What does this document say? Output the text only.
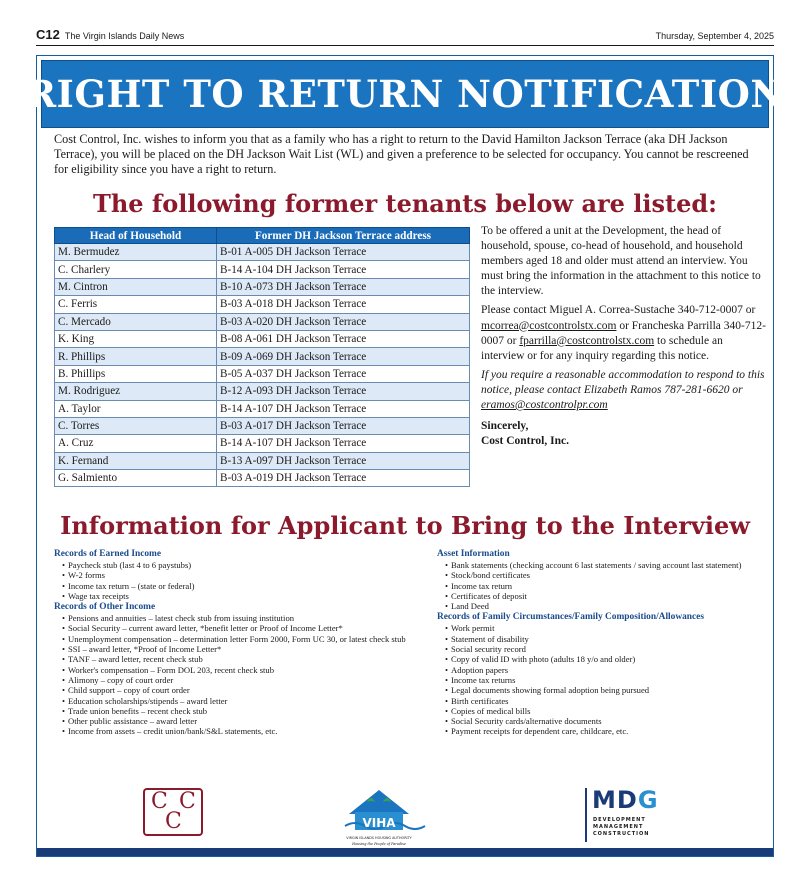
C12 The Virgin Islands Daily News	Thursday, September 4, 2025
RIGHT TO RETURN NOTIFICATION

Cost Control, Inc. wishes to inform you that as a family who has a right to return to the David Hamilton Jackson Terrace (aka DH Jackson Terrace), you will be placed on the DH Jackson Wait List (WL) and given a preference to be selected for occupancy. You cannot be rescreened for eligibility since you have a right to return.

The following former tenants below are listed:
Head of Household	Former DH Jackson Terrace address
M. Bermudez	B-01 A-005 DH Jackson Terrace
C. Charlery	B-14 A-104 DH Jackson Terrace
M. Cintron	B-10 A-073 DH Jackson Terrace
C. Ferris	B-03 A-018 DH Jackson Terrace
C. Mercado	B-03 A-020 DH Jackson Terrace
K. King	B-08 A-061 DH Jackson Terrace
R. Phillips	B-09 A-069 DH Jackson Terrace
B. Phillips	B-05 A-037 DH Jackson Terrace
M. Rodriguez	B-12 A-093 DH Jackson Terrace
A. Taylor	B-14 A-107 DH Jackson Terrace
C. Torres	B-03 A-017 DH Jackson Terrace
A. Cruz	B-14 A-107 DH Jackson Terrace
K. Fernand	B-13 A-097 DH Jackson Terrace
G. Salmiento	B-03 A-019 DH Jackson Terrace

To be offered a unit at the Development, the head of household, spouse, co-head of household, and household members aged 18 and older must attend an interview. You must bring the information in the attachment to this notice to the interview.

Please contact Miguel A. Correa-Sustache 340-712-0007 or mcorrea@costcontrolstx.com or Francheska Parrilla 340-712-0007 or fparrilla@costcontrolstx.com to schedule an interview or for any inquiry regarding this notice.

If you require a reasonable accommodation to respond to this notice, please contact Elizabeth Ramos 787-281-6620 or eramos@costcontrolpr.com

Sincerely,
Cost Control, Inc.
Information for Applicant to Bring to the Interview
Records of Earned Income
• Paycheck stub (last 4 to 6 paystubs)
• W-2 forms
• Income tax return – (state or federal)
• Wage tax receipts
Records of Other Income
• Pensions and annuities – latest check stub from issuing institution
• Social Security – current award letter, *benefit letter or Proof of Income Letter*
• Unemployment compensation – determination letter Form 2000, Form UC 30, or latest check stub
• SSI – award letter, *Proof of Income Letter*
• TANF – award letter, recent check stub
• Worker's compensation – Form DOL 203, recent check stub
• Alimony – copy of court order
• Child support – copy of court order
• Education scholarships/stipends – award letter
• Trade union benefits – recent check stub
• Other public assistance – award letter
• Income from assets – credit union/bank/S&L statements, etc.
Asset Information
• Bank statements (checking account 6 last statements / saving account last statement)
• Stock/bond certificates
• Income tax return
• Certificates of deposit
• Land Deed
Records of Family Circumstances/Family Composition/Allowances
• Work permit
• Statement of disability
• Social security record
• Copy of valid ID with photo (adults 18 y/o and older)
• Adoption papers
• Income tax returns
• Legal documents showing formal adoption being pursued
• Birth certificates
• Copies of medical bills
• Social Security cards/alternative documents
• Payment receipts for dependent care, childcare, etc.
C C
C	VIHA
VIRGIN ISLANDS HOUSING AUTHORITY
Housing the People of Paradise
MDG
DEVELOPMENT
MANAGEMENT
CONSTRUCTION
